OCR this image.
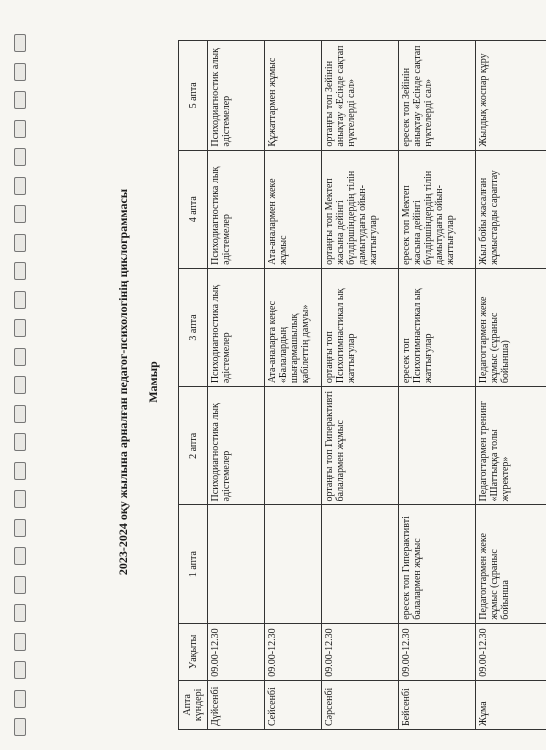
2023-2024 оқу жылына арналған педагог-психологінің циклограммасы Мамыр
Апта күндері	Уақыты	1 апта	2 апта	3 апта	4 апта	5 апта
Дүйсенбі	09.00-12.30		Психодиагностика лық әдістемелер	Психодиагностика лық әдістемелер	Психодиагностика лық әдістемелер	Психодиагностик алық әдістемелер
Сейсенбі	09.00-12.30			Ата-аналарға кеңес «Балалардың шығармашылық қабілеттің дамуы»	Ата-аналармен жеке жұмыс	Құжаттармен жұмыс
Сәрсенбі	09.00-12.30		ортаңғы топ Гиперактивті балалармен жұмыс	ортаңғы топ Психогимнастикал ық жаттығулар	ортаңғы топ Мектеп жасына дейінгі бүлдіршіндердің тілін дамытудағы ойын-жаттығулар	ортаңғы топ Зейінін анықтау «Есінде сақтап нүктелерді сал»
Бейсенбі	09.00-12.30	ересек топ Гиперактивті балалармен жұмыс		ересек топ Психогимнастикал ық жаттығулар	ересек топ Мектеп жасына дейінгі бүлдіршіндердің тілін дамытудағы ойын-жаттығулар	ересек топ Зейінін анықтау «Есінде сақтап нүктелерді сал»
Жұма	09.00-12.30	Педагогтармен жеке жұмыс (сұраныс бойынша	Педагогтармен тренинг «Шаттыққа толы жүректер»	Педагогтармен жеке жұмыс (сұраныс бойынша)	Жыл бойы жасалған жұмыстарды сараптау	Жылдық жоспар құру
